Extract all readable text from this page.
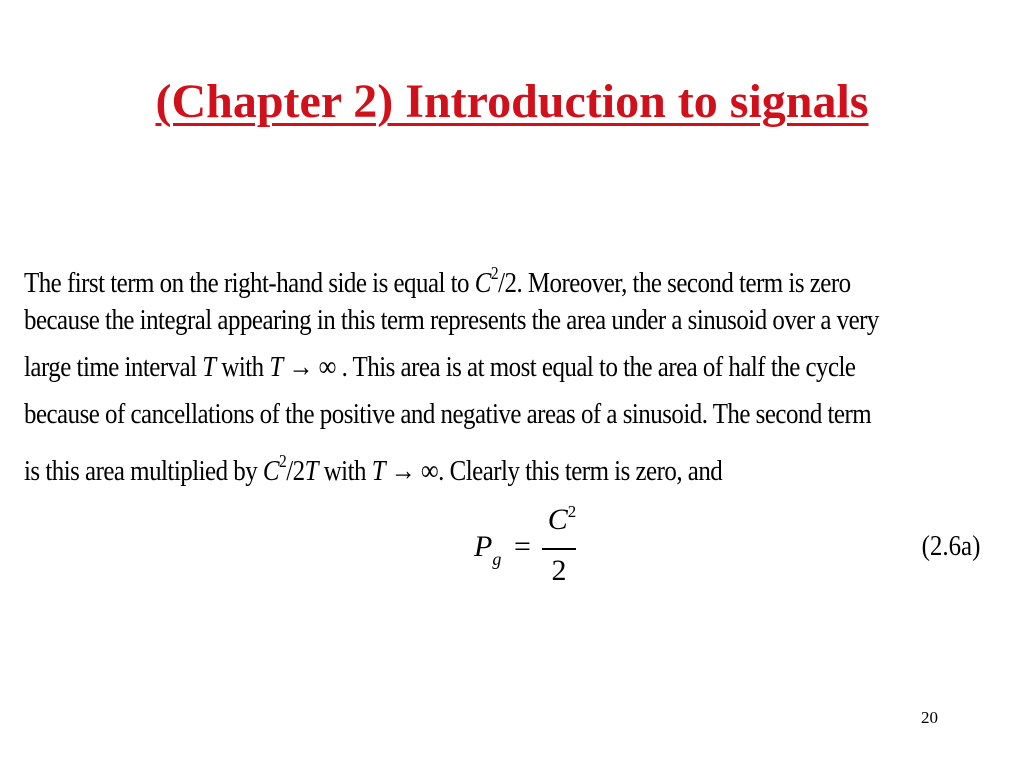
(Chapter 2) Introduction to signals
The first term on the right-hand side is equal to $C^2/2$. Moreover, the second term is zero
because the integral appearing in this term represents the area under a sinusoid over a very
large time interval T with T → ∞ . This area is at most equal to the area of half the cycle
because of cancellations of the positive and negative areas of a sinusoid. The second term
is this area multiplied by $C^2/2T$ with T → ∞. Clearly this term is zero, and
$P_g$ =
$C^2$
2
(2.6a)
20
